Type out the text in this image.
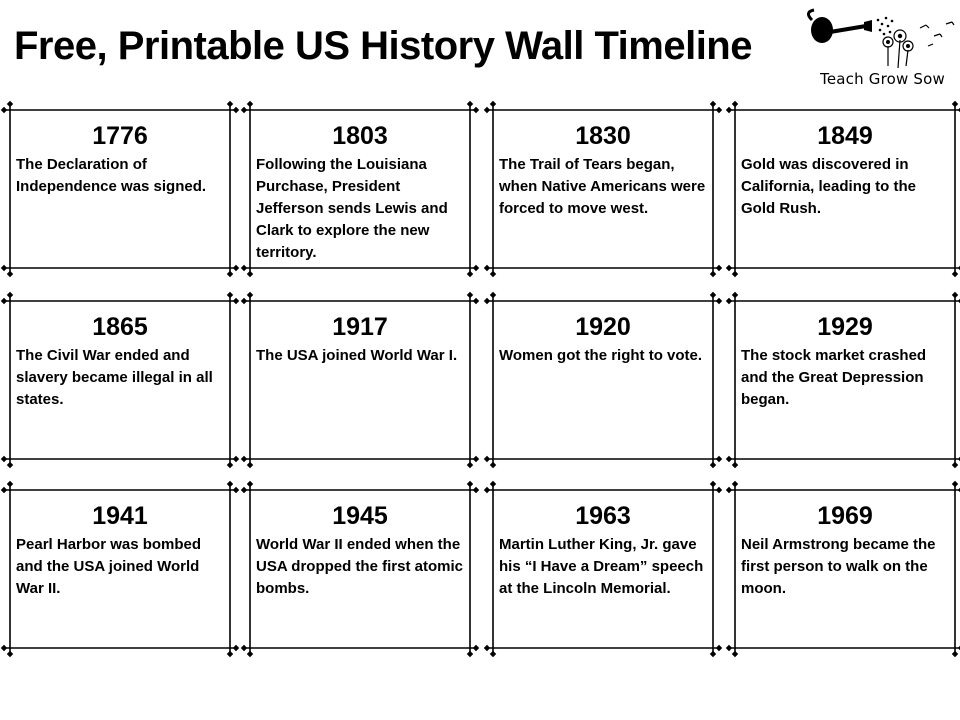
Free, Printable US History Wall Timeline
Teach Grow Sow
1776
The Declaration of Independence was signed.
1803
Following the Louisiana Purchase, President Jefferson sends Lewis and Clark to explore the new territory.
1830
The Trail of Tears began, when Native Americans were forced to move west.
1849
Gold was discovered in California, leading to the Gold Rush.
1865
The Civil War ended and slavery became illegal in all states.
1917
The USA joined World War I.
1920
Women got the right to vote.
1929
The stock market crashed and the Great Depression began.
1941
Pearl Harbor was bombed and the USA joined World War II.
1945
World War II ended when the USA dropped the first atomic bombs.
1963
Martin Luther King, Jr. gave his “I Have a Dream” speech at the Lincoln Memorial.
1969
Neil Armstrong became the first person to walk on the moon.
